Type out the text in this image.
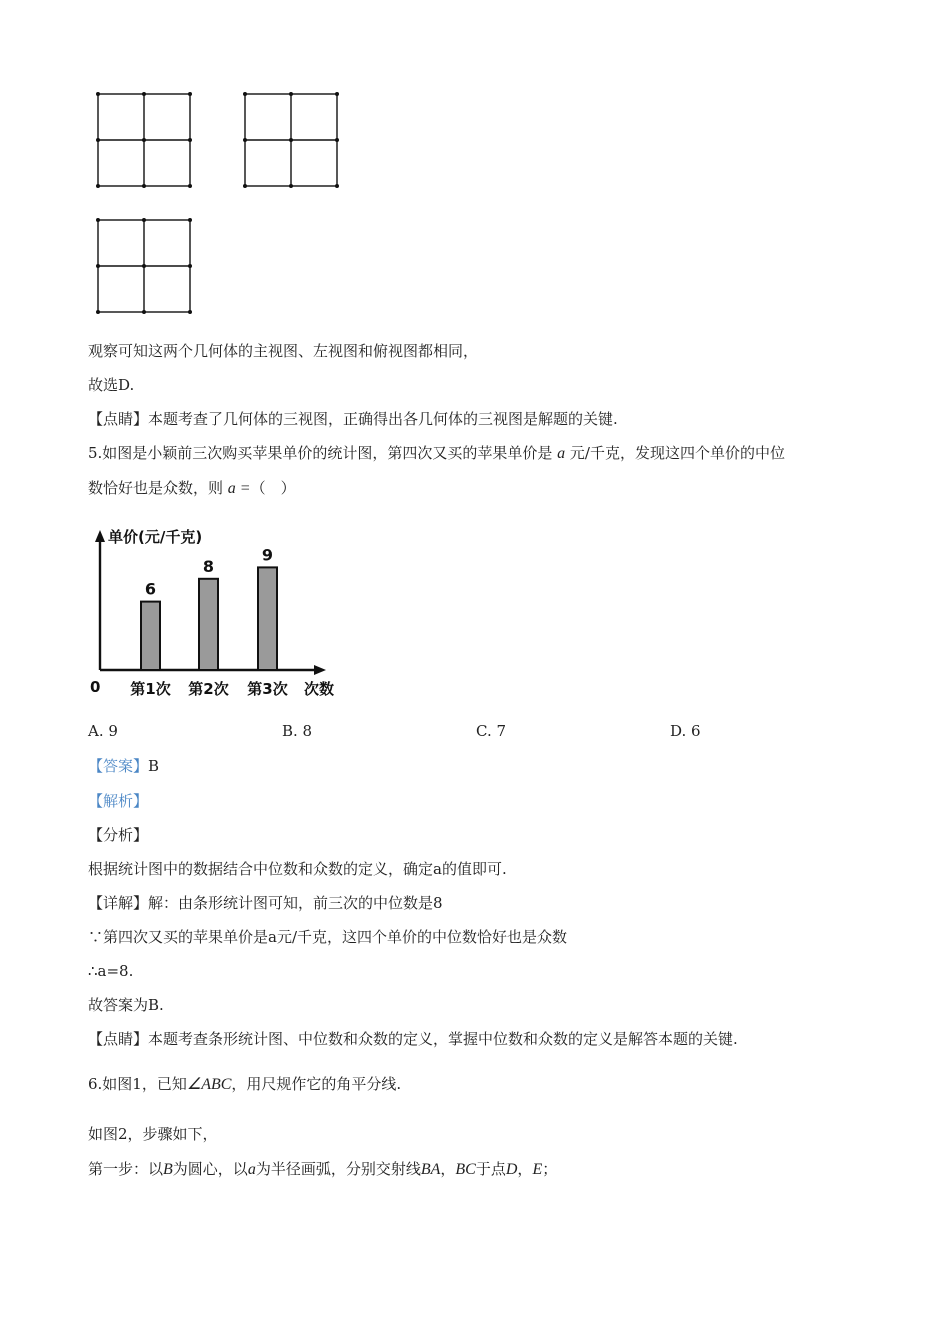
观察可知这两个几何体的主视图、左视图和俯视图都相同，
故选D.
【点睛】本题考查了几何体的三视图，正确得出各几何体的三视图是解题的关键.
5.如图是小颖前三次购买苹果单价的统计图，第四次又买的苹果单价是 a 元/千克，发现这四个单价的中位
数恰好也是众数，则 a =（　）
单价(元/千克)
0	次数
6
第1次
8
第2次
9
第3次
A. 9	B. 8	C. 7	D. 6
【答案】B
【解析】
【分析】
根据统计图中的数据结合中位数和众数的定义，确定a的值即可.
【详解】解：由条形统计图可知，前三次的中位数是8
∵第四次又买的苹果单价是a元/千克，这四个单价的中位数恰好也是众数
∴a=8.
故答案为B.
【点睛】本题考查条形统计图、中位数和众数的定义，掌握中位数和众数的定义是解答本题的关键.
6.如图1，已知∠ABC，用尺规作它的角平分线.
如图2，步骤如下，
第一步：以B为圆心，以a为半径画弧，分别交射线BA，BC于点D，E；
